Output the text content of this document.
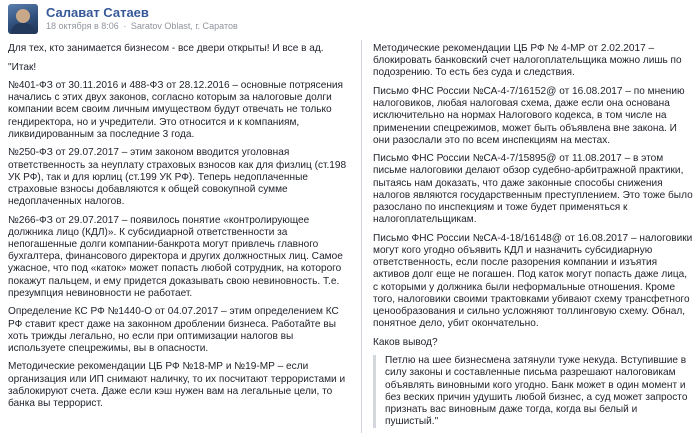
Салават Сатаев
18 октября в 8:06 · Saratov Oblast, г. Саратов

Для тех, кто занимается бизнесом - все двери открыты! И все в ад.

"Итак!

№401-ФЗ от 30.11.2016 и 488-ФЗ от 28.12.2016 – основные потрясения начались с этих двух законов, согласно которым за налоговые долги компании всем своим личным имуществом будут отвечать не только гендиректора, но и учредители. Это относится и к компаниям, ликвидированным за последние 3 года.

№250-ФЗ от 29.07.2017 – этим законом вводится уголовная ответственность за неуплату страховых взносов как для физлиц (ст.198 УК РФ), так и для юрлиц (ст.199 УК РФ). Теперь недоплаченные страховые взносы добавляются к общей совокупной сумме недоплаченных налогов.

№266-ФЗ от 29.07.2017 – появилось понятие «контролирующее должника лицо (КДЛ)». К субсидиарной ответственности за непогашенные долги компании-банкрота могут привлечь главного бухгалтера, финансового директора и других должностных лиц. Самое ужасное, что под «каток» может попасть любой сотрудник, на которого покажут пальцем, и ему придется доказывать свою невиновность. Т.е. презумпция невиновности не работает.

Определение КС РФ №1440-О от 04.07.2017 – этим определением КС РФ ставит крест даже на законном дроблении бизнеса. Работайте вы хоть трижды легально, но если при оптимизации налогов вы используете спецрежимы, вы в опасности.

Методические рекомендации ЦБ РФ №18-МР и №19-МР – если организация или ИП снимают наличку, то их посчитают террористами и заблокируют счета. Даже если кэш нужен вам на легальные цели, то банка вы террорист.

Методические рекомендации ЦБ РФ № 4-МР от 2.02.2017 – блокировать банковский счет налогоплательщика можно лишь по подозрению. То есть без суда и следствия.

Письмо ФНС России №СА-4-7/16152@ от 16.08.2017 – по мнению налоговиков, любая налоговая схема, даже если она основана исключительно на нормах Налогового кодекса, в том числе на применении спецрежимов, может быть объявлена вне закона. И они разослали это по всем инспекциям на местах.

Письмо ФНС России №СА-4-7/15895@ от 11.08.2017 – в этом письме налоговики делают обзор судебно-арбитражной практики, пытаясь нам доказать, что даже законные способы снижения налогов являются государственным преступлением. Это тоже было разослано по инспекциям и тоже будет применяться к налогоплательщикам.

Письмо ФНС России №СА-4-18/16148@ от 16.08.2017 – налоговики могут кого угодно объявить КДЛ и назначить субсидиарную ответственность, если после разорения компании и изъятия активов долг еще не погашен. Под каток могут попасть даже лица, с которыми у должника были неформальные отношения. Кроме того, налоговики своими трактовками убивают схему трансфетного ценообразования и сильно усложняют толлинговую схему. Обнал, понятное дело, убит окончательно.

Каков вывод?

Петлю на шее бизнесмена затянули туже некуда. Вступившие в силу законы и составленные письма разрешают налоговикам объявлять виновными кого угодно. Банк может в один момент и без веских причин удушить любой бизнес, а суд может запросто признать вас виновным даже тогда, когда вы белый и пушистый."
